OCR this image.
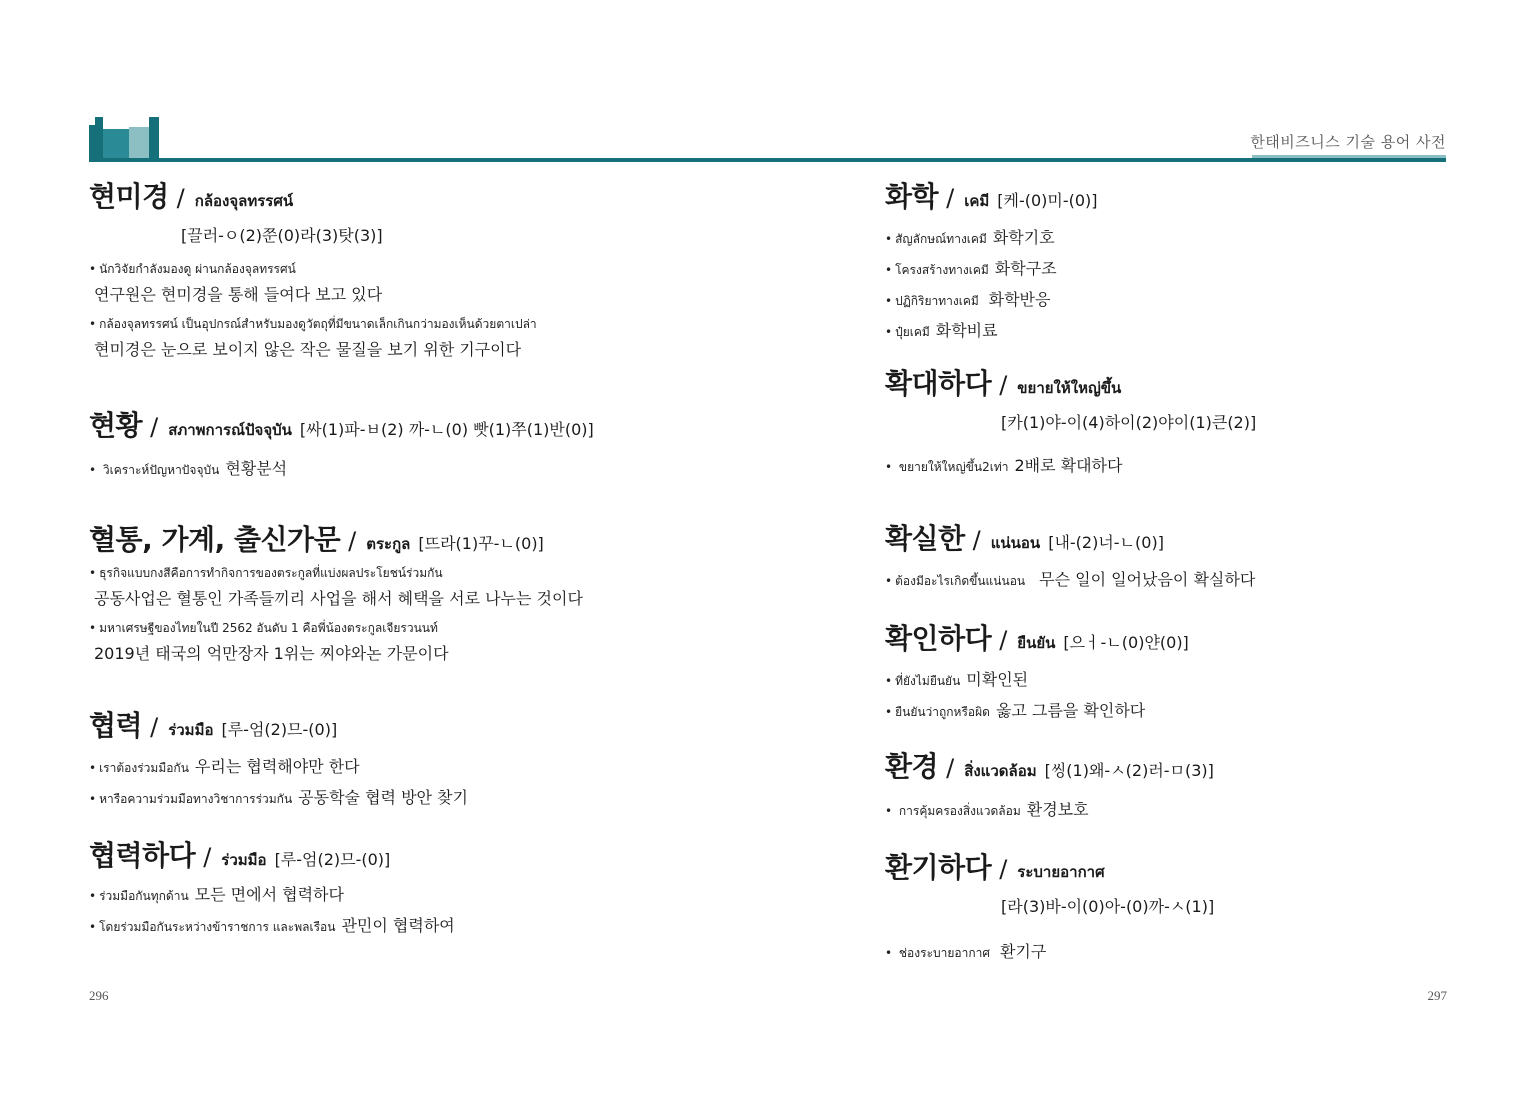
한태비즈니스 기술 용어 사전
현미경 / กล้องจุลทรรศน์
[끌러-ㅇ(2)쭌(0)라(3)탓(3)]
• นักวิจัยกำลังมองดู ผ่านกล้องจุลทรรศน์
연구원은 현미경을 통해 들여다 보고 있다
• กล้องจุลทรรศน์ เป็นอุปกรณ์สำหรับมองดูวัตถุที่มีขนาดเล็กเกินกว่ามองเห็นด้วยตาเปล่า
현미경은 눈으로 보이지 않은 작은 물질을 보기 위한 기구이다
현황 / สภาพการณ์ปัจจุบัน [싸(1)파-ㅂ(2) 까-ㄴ(0) 빳(1)쭈(1)반(0)]
• วิเคราะห์ปัญหาปัจจุบัน 현황분석
혈통, 가계, 출신가문 / ตระกูล [뜨라(1)꾸-ㄴ(0)]
• ธุรกิจแบบกงสีคือการทำกิจการของตระกูลที่แบ่งผลประโยชน์ร่วมกัน
공동사업은 혈통인 가족들끼리 사업을 해서 혜택을 서로 나누는 것이다
• มหาเศรษฐีของไทยในปี 2562 อันดับ 1 คือพี่น้องตระกูลเจียรวนนท์
2019년 태국의 억만장자 1위는 찌야와논 가문이다
협력 / ร่วมมือ [루-엄(2)므-(0)]
• เราต้องร่วมมือกัน 우리는 협력해야만 한다
• หารือความร่วมมือทางวิชาการร่วมกัน 공동학술 협력 방안 찾기
협력하다 / ร่วมมือ [루-엄(2)므-(0)]
• ร่วมมือกันทุกด้าน 모든 면에서 협력하다
• โดยร่วมมือกันระหว่างข้าราชการ และพลเรือน 관민이 협력하여
화학 / เคมี [케-(0)미-(0)]
• สัญลักษณ์ทางเคมี 화학기호
• โครงสร้างทางเคมี 화학구조
• ปฏิกิริยาทางเคมี 화학반응
• ปุ๋ยเคมี 화학비료
확대하다 / ขยายให้ใหญ่ขึ้น
[카(1)야-이(4)하이(2)야이(1)큰(2)]
• ขยายให้ใหญ่ขึ้น2เท่า 2배로 확대하다
확실한 / แน่นอน [내-(2)너-ㄴ(0)]
• ต้องมีอะไรเกิดขึ้นแน่นอน 무슨 일이 일어났음이 확실하다
확인하다 / ยืนยัน [으ㅓ-ㄴ(0)얀(0)]
• ที่ยังไม่ยืนยัน 미확인된
• ยืนยันว่าถูกหรือผิด 옳고 그름을 확인하다
환경 / สิ่งแวดล้อม [씽(1)왜-ㅅ(2)러-ㅁ(3)]
• การคุ้มครองสิ่งแวดล้อม 환경보호
환기하다 / ระบายอากาศ
[라(3)바-이(0)아-(0)까-ㅅ(1)]
• ช่องระบายอากาศ 환기구
296	297
